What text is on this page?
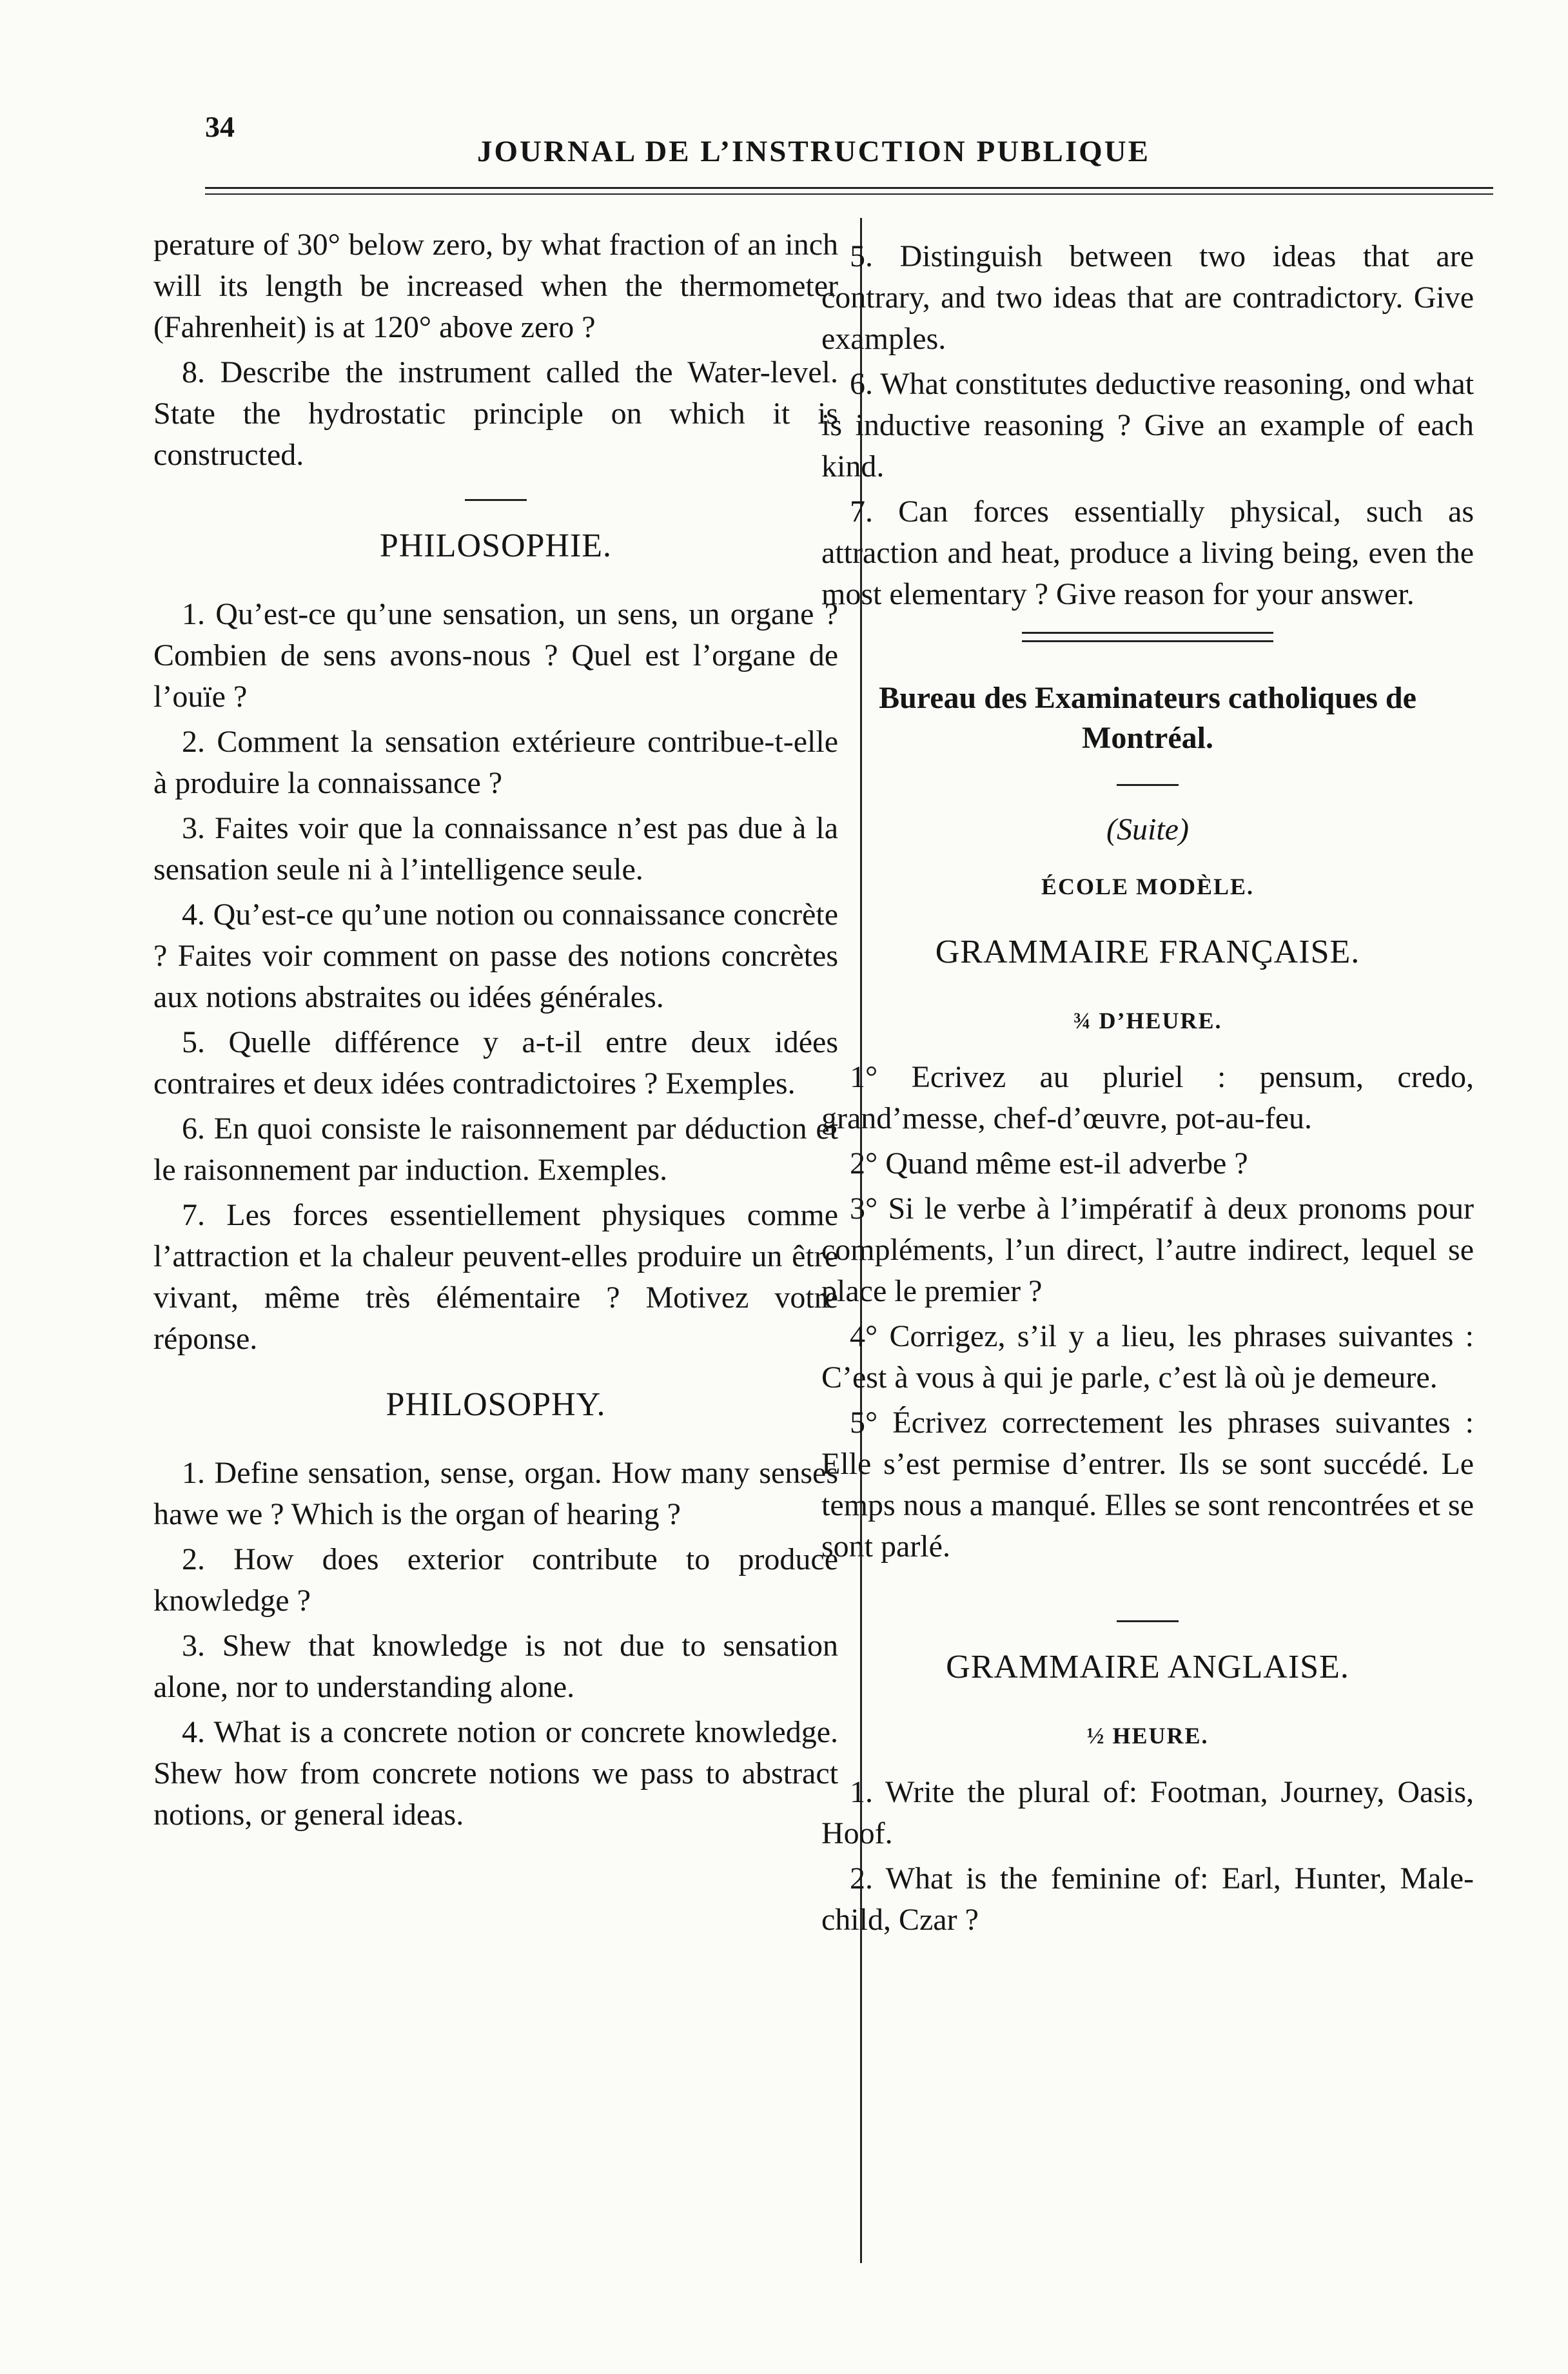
34
JOURNAL DE L’INSTRUCTION PUBLIQUE

perature of 30° below zero, by what fraction of an inch will its length be increased when the thermometer (Fahrenheit) is at 120° above zero ?

8. Describe the instrument called the Water-level. State the hydrostatic principle on which it is constructed.

PHILOSOPHIE.

1. Qu’est-ce qu’une sensation, un sens, un organe ? Combien de sens avons-nous ? Quel est l’organe de l’ouïe ?

2. Comment la sensation extérieure contribue-t-elle à produire la connaissance ?

3. Faites voir que la connaissance n’est pas due à la sensation seule ni à l’intelligence seule.

4. Qu’est-ce qu’une notion ou connaissance concrète ? Faites voir comment on passe des notions concrètes aux notions abstraites ou idées générales.

5. Quelle différence y a-t-il entre deux idées contraires et deux idées contradictoires ? Exemples.

6. En quoi consiste le raisonnement par déduction et le raisonnement par induction. Exemples.

7. Les forces essentiellement physiques comme l’attraction et la chaleur peuvent-elles produire un être vivant, même très élémentaire ? Motivez votre réponse.

PHILOSOPHY.

1. Define sensation, sense, organ. How many senses hawe we ? Which is the organ of hearing ?

2. How does exterior contribute to produce knowledge ?

3. Shew that knowledge is not due to sensation alone, nor to understanding alone.

4. What is a concrete notion or concrete knowledge. Shew how from concrete notions we pass to abstract notions, or general ideas.

5. Distinguish between two ideas that are contrary, and two ideas that are contradictory. Give examples.

6. What constitutes deductive reasoning, ond what is inductive reasoning ? Give an example of each kind.

7. Can forces essentially physical, such as attraction and heat, produce a living being, even the most elementary ? Give reason for your answer.

Bureau des Examinateurs catholiques de Montréal.
(Suite)
ÉCOLE MODÈLE.
GRAMMAIRE FRANÇAISE.
¾ D’HEURE.

1° Ecrivez au pluriel : pensum, credo, grand’messe, chef-d’œuvre, pot-au-feu.

2° Quand même est-il adverbe ?

3° Si le verbe à l’impératif à deux pronoms pour compléments, l’un direct, l’autre indirect, lequel se place le premier ?

4° Corrigez, s’il y a lieu, les phrases suivantes : C’est à vous à qui je parle, c’est là où je demeure.

5° Écrivez correctement les phrases suivantes : Elle s’est permise d’entrer. Ils se sont succédé. Le temps nous a manqué. Elles se sont rencontrées et se sont parlé.

GRAMMAIRE ANGLAISE.
½ HEURE.

1. Write the plural of: Footman, Journey, Oasis, Hoof.

2. What is the feminine of: Earl, Hunter, Male-child, Czar ?
